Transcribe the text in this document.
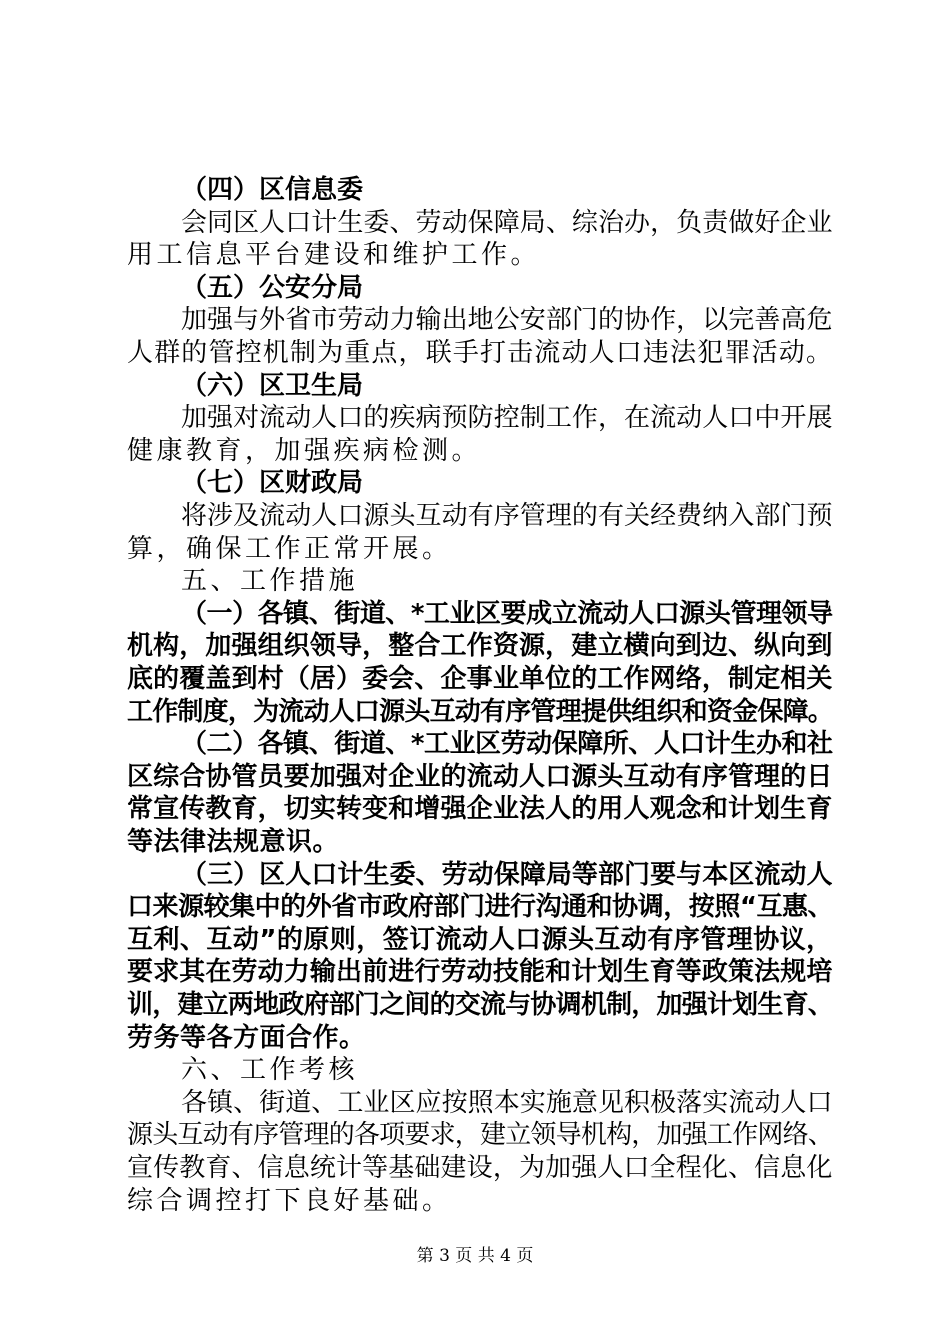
（四）区信息委
会同区人口计生委、劳动保障局、综治办，负责做好企业
用工信息平台建设和维护工作。
（五）公安分局
加强与外省市劳动力输出地公安部门的协作，以完善高危
人群的管控机制为重点，联手打击流动人口违法犯罪活动。
（六）区卫生局
加强对流动人口的疾病预防控制工作，在流动人口中开展
健康教育，加强疾病检测。
（七）区财政局
将涉及流动人口源头互动有序管理的有关经费纳入部门预
算，确保工作正常开展。
五、工作措施
（一）各镇、街道、*工业区要成立流动人口源头管理领导
机构，加强组织领导，整合工作资源，建立横向到边、纵向到
底的覆盖到村（居）委会、企事业单位的工作网络，制定相关
工作制度，为流动人口源头互动有序管理提供组织和资金保障。
（二）各镇、街道、*工业区劳动保障所、人口计生办和社
区综合协管员要加强对企业的流动人口源头互动有序管理的日
常宣传教育，切实转变和增强企业法人的用人观念和计划生育
等法律法规意识。
（三）区人口计生委、劳动保障局等部门要与本区流动人
口来源较集中的外省市政府部门进行沟通和协调，按照“互惠、
互利、互动”的原则，签订流动人口源头互动有序管理协议，
要求其在劳动力输出前进行劳动技能和计划生育等政策法规培
训，建立两地政府部门之间的交流与协调机制，加强计划生育、
劳务等各方面合作。
六、工作考核
各镇、街道、工业区应按照本实施意见积极落实流动人口
源头互动有序管理的各项要求，建立领导机构，加强工作网络、
宣传教育、信息统计等基础建设，为加强人口全程化、信息化
综合调控打下良好基础。
第 3 页 共 4 页
